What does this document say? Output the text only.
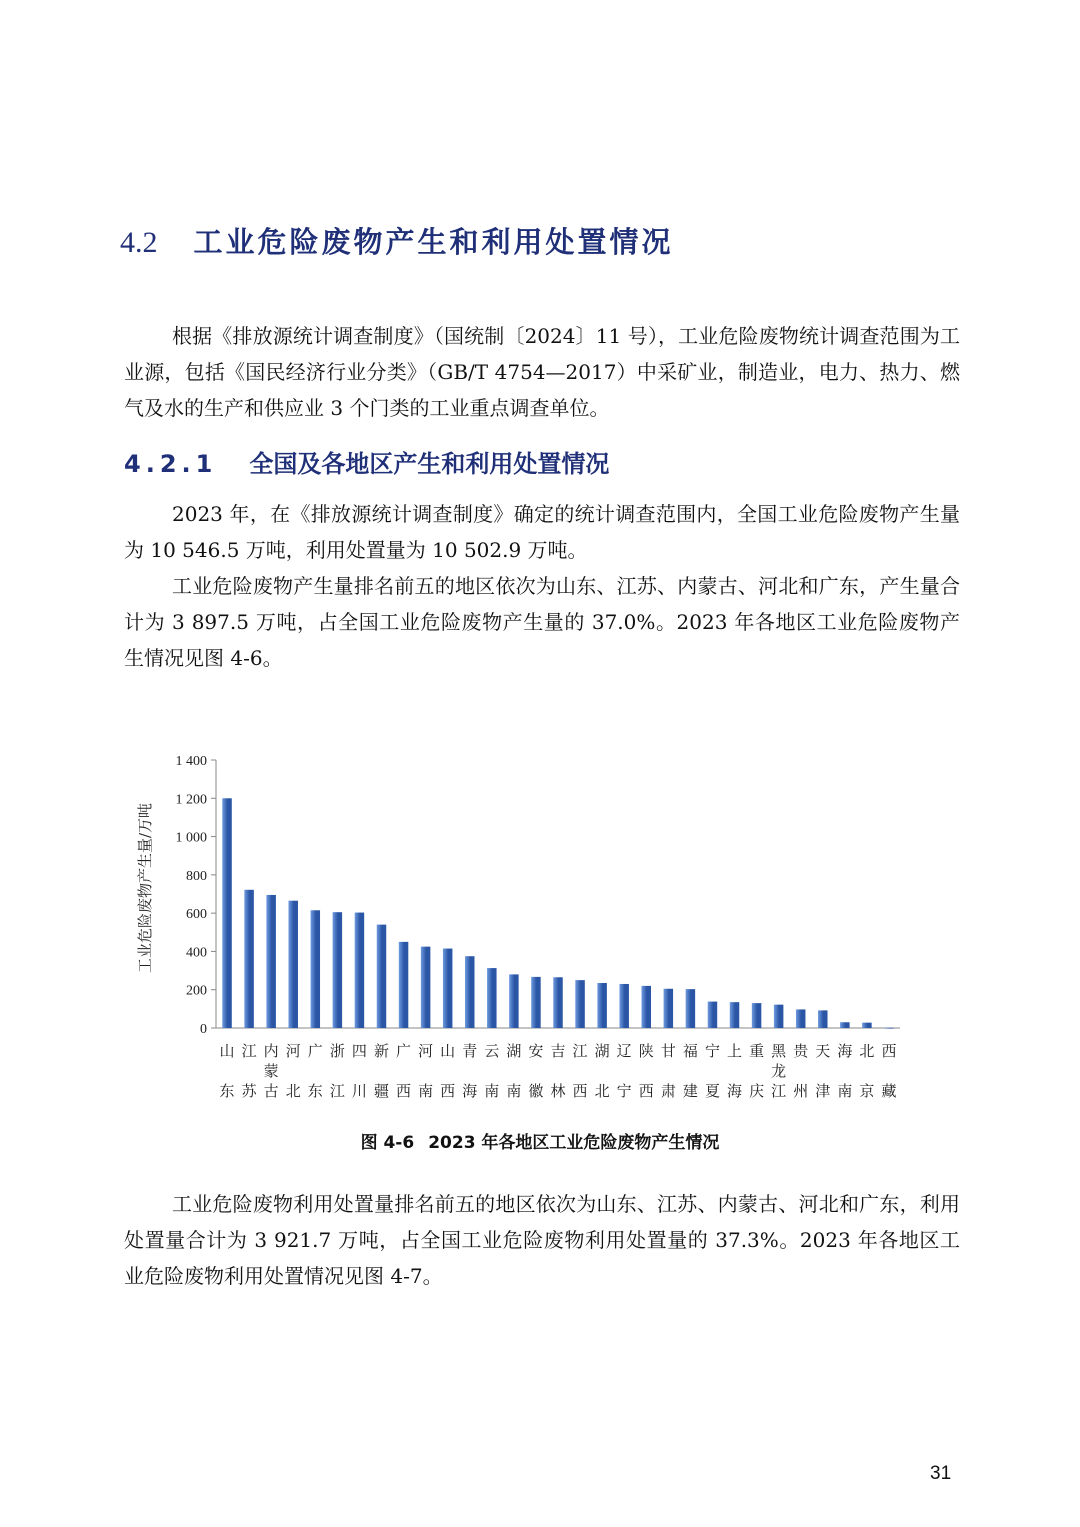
4.2 工业危险废物产生和利用处置情况

根据《排放源统计调查制度》（国统制〔2024〕11 号），工业危险废物统计调查范围为工业源，包括《国民经济行业分类》（GB/T 4754—2017）中采矿业，制造业，电力、热力、燃气及水的生产和供应业 3 个门类的工业重点调查单位。

4.2.1 全国及各地区产生和利用处置情况

2023 年，在《排放源统计调查制度》确定的统计调查范围内，全国工业危险废物产生量为 10 546.5 万吨，利用处置量为 10 502.9 万吨。

工业危险废物产生量排名前五的地区依次为山东、江苏、内蒙古、河北和广东，产生量合计为 3 897.5 万吨，占全国工业危险废物产生量的 37.0%。2023 年各地区工业危险废物产生情况见图 4-6。

0
200
400
600
800
1 000
1 200
1 400
山东
江苏
内蒙古
河北
广东
浙江
四川
新疆
广西
河南
山西
青海
云南
湖南
安徽
吉林
江西
湖北
辽宁
陕西
甘肃
福建
宁夏
上海
重庆
黑龙江
贵州
天津
海南
北京
西藏
工业危险废物产生量/万吨

图 4-6 2023 年各地区工业危险废物产生情况

工业危险废物利用处置量排名前五的地区依次为山东、江苏、内蒙古、河北和广东，利用处置量合计为 3 921.7 万吨，占全国工业危险废物利用处置量的 37.3%。2023 年各地区工业危险废物利用处置情况见图 4-7。

31
◎ 大数跨境
